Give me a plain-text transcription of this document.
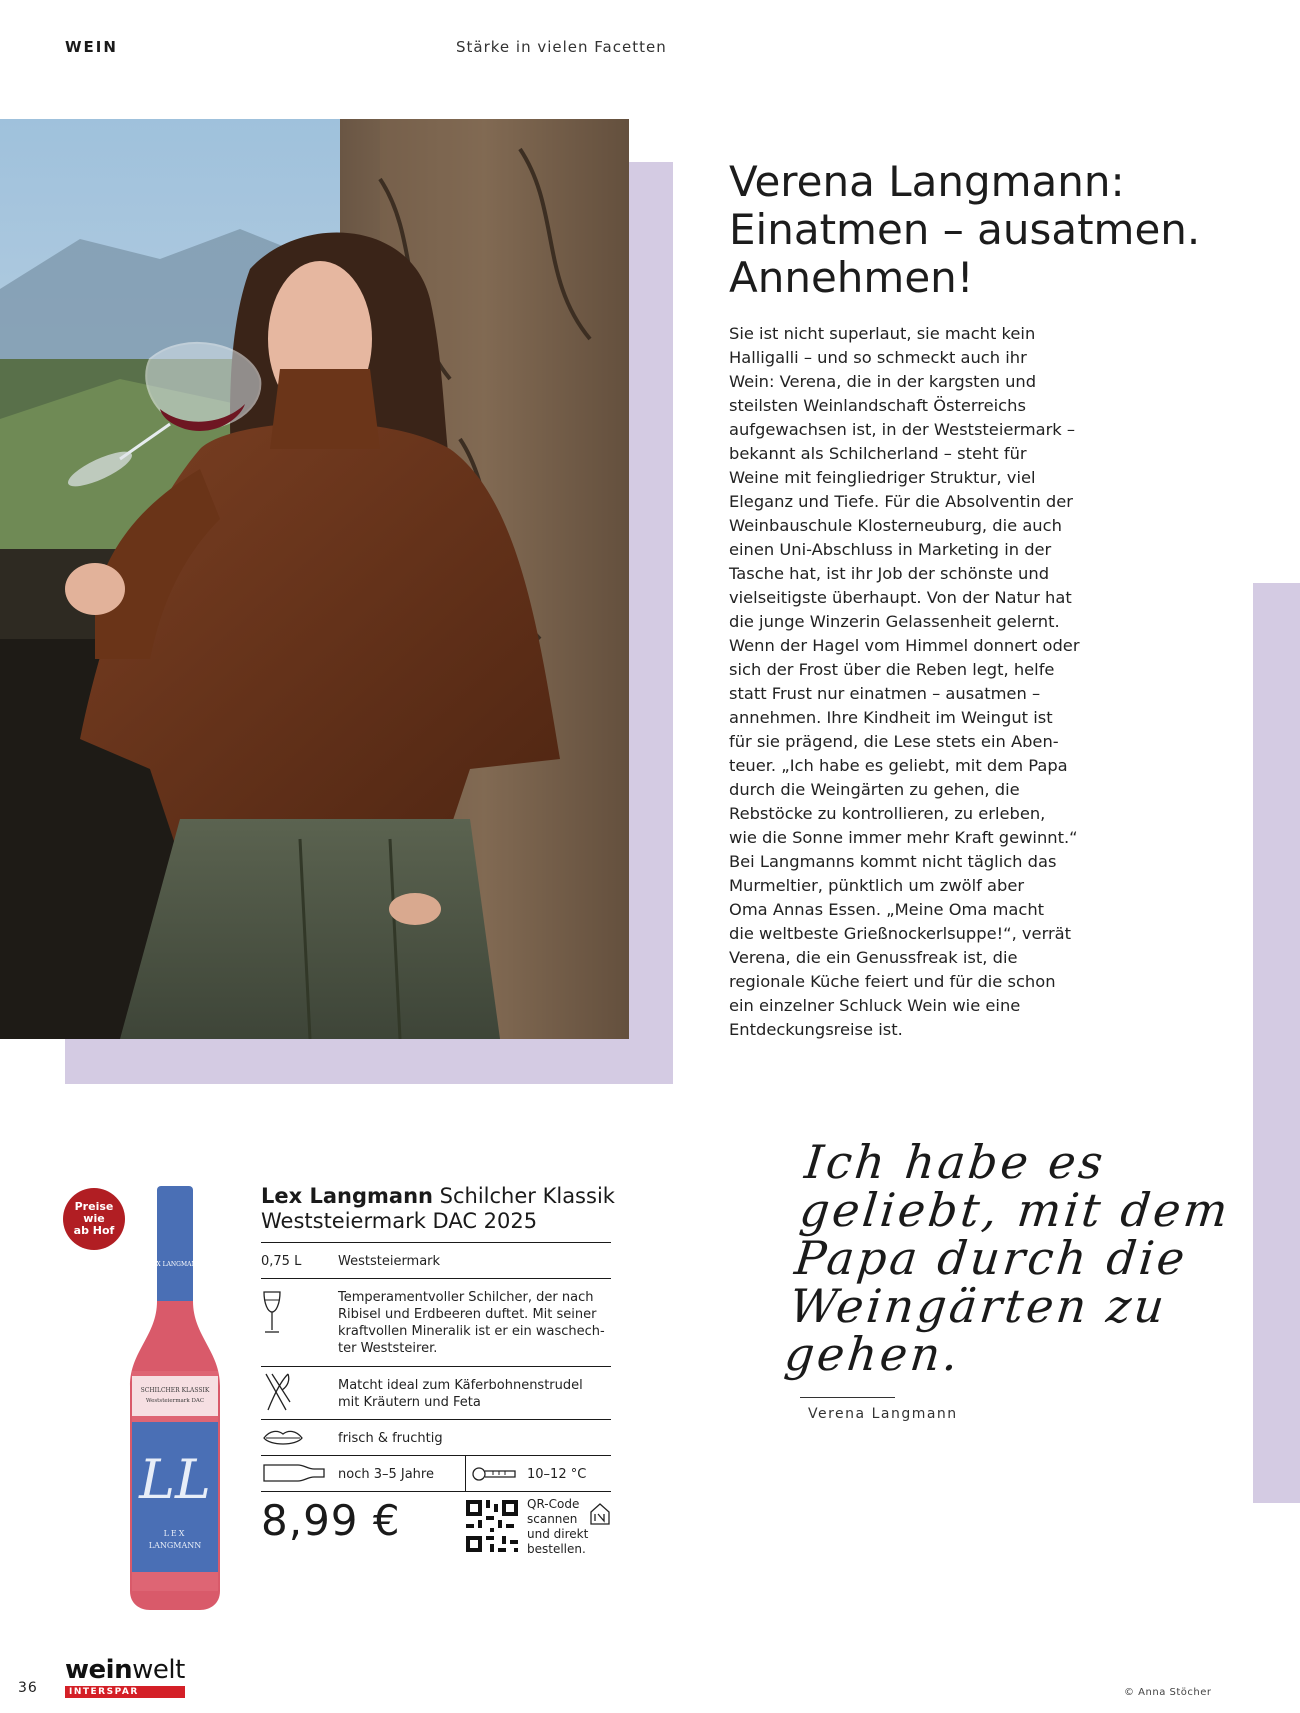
WEIN	Stärke in vielen Facetten
Verena Langmann:
Einatmen – ausatmen.
Annehmen!
Sie ist nicht superlaut, sie macht kein
Halligalli – und so schmeckt auch ihr
Wein: Verena, die in der kargsten und
steilsten Weinlandschaft Österreichs
aufgewachsen ist, in der Weststeiermark –
bekannt als Schilcherland – steht für
Weine mit feingliedriger Struktur, viel
Eleganz und Tiefe. Für die Absolventin der
Weinbauschule Klosterneuburg, die auch
einen Uni-Abschluss in Marketing in der
Tasche hat, ist ihr Job der schönste und
vielseitigste überhaupt. Von der Natur hat
die junge Winzerin Gelassenheit gelernt.
Wenn der Hagel vom Himmel donnert oder
sich der Frost über die Reben legt, helfe
statt Frust nur einatmen – ausatmen –
annehmen. Ihre Kindheit im Weingut ist
für sie prägend, die Lese stets ein Aben-
teuer. „Ich habe es geliebt, mit dem Papa
durch die Weingärten zu gehen, die
Rebstöcke zu kontrollieren, zu erleben,
wie die Sonne immer mehr Kraft gewinnt.“
Bei Langmanns kommt nicht täglich das
Murmeltier, pünktlich um zwölf aber
Oma Annas Essen. „Meine Oma macht
die weltbeste Grießnockerlsuppe!“, verrät
Verena, die ein Genussfreak ist, die
regionale Küche feiert und für die schon
ein einzelner Schluck Wein wie eine
Entdeckungsreise ist.
Ich habe es
geliebt, mit dem
Papa durch die
Weingärten zu
gehen.
Verena Langmann
LEX LANGMANN
SCHILCHER KLASSIK
Weststeiermark DAC
LL
LEX
LANGMANN
Preise
wie
ab Hof
Lex Langmann Schilcher Klassik
Weststeiermark DAC 2025
0,75 L	Weststeiermark
Temperamentvoller Schilcher, der nach
Ribisel und Erdbeeren duftet. Mit seiner
kraftvollen Mineralik ist er ein waschech-
ter Weststeirer.
Matcht ideal zum Käferbohnenstrudel
mit Kräutern und Feta
frisch & fruchtig
noch 3–5 Jahre	10–12 °C
8,99 €	QR-Code
scannen
und direkt
bestellen.
36
weinwelt
INTERSPAR	© Anna Stöcher
